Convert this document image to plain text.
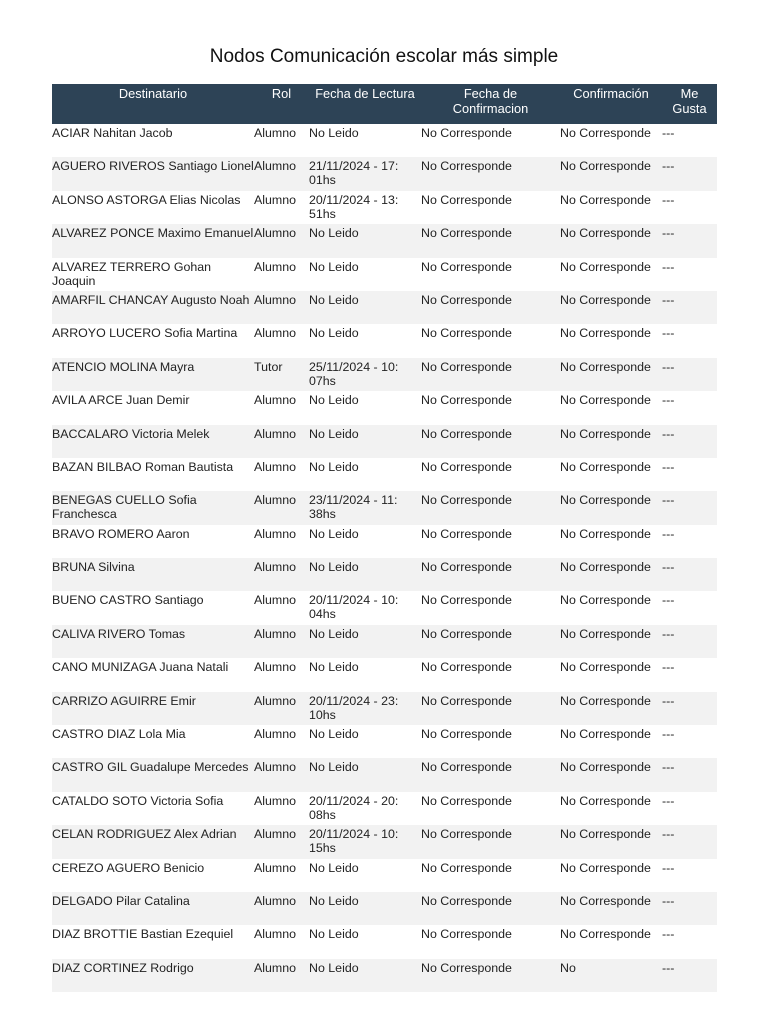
Nodos Comunicación escolar más simple
Destinatario	Rol	Fecha de Lectura	Fecha de Confirmacion	Confirmación	Me Gusta
ACIAR Nahitan Jacob	Alumno	No Leido	No Corresponde	No Corresponde	---
AGUERO RIVEROS Santiago Lionel	Alumno	21/11/2024 - 17: 01hs	No Corresponde	No Corresponde	---
ALONSO ASTORGA Elias Nicolas	Alumno	20/11/2024 - 13: 51hs	No Corresponde	No Corresponde	---
ALVAREZ PONCE Maximo Emanuel	Alumno	No Leido	No Corresponde	No Corresponde	---
ALVAREZ TERRERO Gohan Joaquin	Alumno	No Leido	No Corresponde	No Corresponde	---
AMARFIL CHANCAY Augusto Noah	Alumno	No Leido	No Corresponde	No Corresponde	---
ARROYO LUCERO Sofia Martina	Alumno	No Leido	No Corresponde	No Corresponde	---
ATENCIO MOLINA Mayra	Tutor	25/11/2024 - 10: 07hs	No Corresponde	No Corresponde	---
AVILA ARCE Juan Demir	Alumno	No Leido	No Corresponde	No Corresponde	---
BACCALARO Victoria Melek	Alumno	No Leido	No Corresponde	No Corresponde	---
BAZAN BILBAO Roman Bautista	Alumno	No Leido	No Corresponde	No Corresponde	---
BENEGAS CUELLO Sofia Franchesca	Alumno	23/11/2024 - 11: 38hs	No Corresponde	No Corresponde	---
BRAVO ROMERO Aaron	Alumno	No Leido	No Corresponde	No Corresponde	---
BRUNA Silvina	Alumno	No Leido	No Corresponde	No Corresponde	---
BUENO CASTRO Santiago	Alumno	20/11/2024 - 10: 04hs	No Corresponde	No Corresponde	---
CALIVA RIVERO Tomas	Alumno	No Leido	No Corresponde	No Corresponde	---
CANO MUNIZAGA Juana Natali	Alumno	No Leido	No Corresponde	No Corresponde	---
CARRIZO AGUIRRE Emir	Alumno	20/11/2024 - 23: 10hs	No Corresponde	No Corresponde	---
CASTRO DIAZ Lola Mia	Alumno	No Leido	No Corresponde	No Corresponde	---
CASTRO GIL Guadalupe Mercedes	Alumno	No Leido	No Corresponde	No Corresponde	---
CATALDO SOTO Victoria Sofia	Alumno	20/11/2024 - 20: 08hs	No Corresponde	No Corresponde	---
CELAN RODRIGUEZ Alex Adrian	Alumno	20/11/2024 - 10: 15hs	No Corresponde	No Corresponde	---
CEREZO AGUERO Benicio	Alumno	No Leido	No Corresponde	No Corresponde	---
DELGADO Pilar Catalina	Alumno	No Leido	No Corresponde	No Corresponde	---
DIAZ BROTTIE Bastian Ezequiel	Alumno	No Leido	No Corresponde	No Corresponde	---
DIAZ CORTINEZ Rodrigo	Alumno	No Leido	No Corresponde	No	---
